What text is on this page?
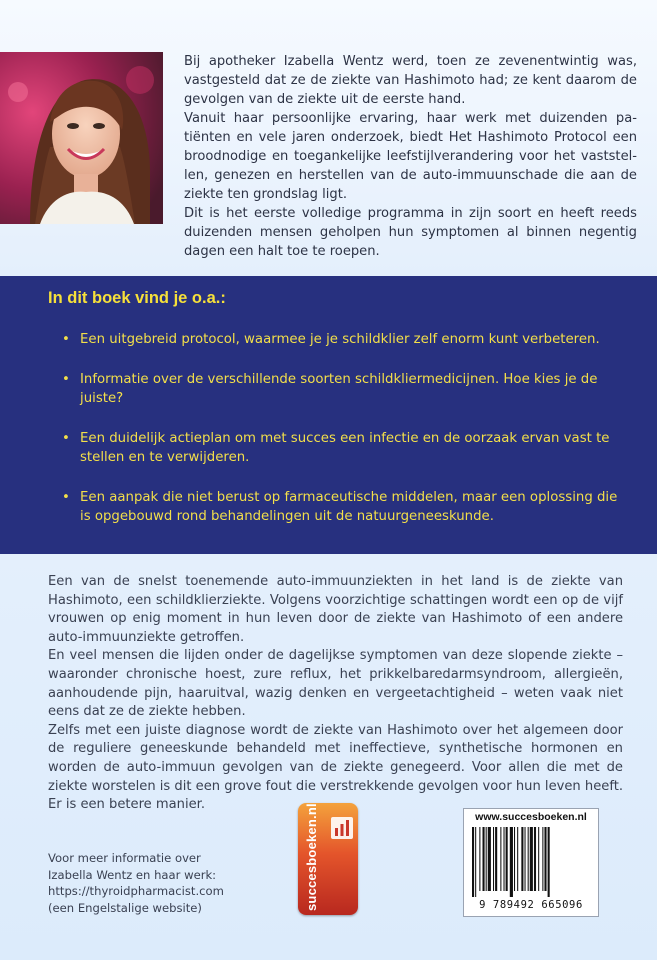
Bij apotheker Izabella Wentz werd, toen ze zevenentwintig was, vastgesteld dat ze de ziekte van Hashimoto had; ze kent daarom de gevolgen van de ziekte uit de eerste hand.

Vanuit haar persoonlijke ervaring, haar werk met duizenden patiënten en vele jaren onderzoek, biedt Het Hashimoto Protocol een broodnodige en toegankelijke leefstijlverandering voor het vaststellen, genezen en herstellen van de auto-immuunschade die aan de ziekte ten grondslag ligt.

Dit is het eerste volledige programma in zijn soort en heeft reeds duizenden mensen geholpen hun symptomen al binnen negentig dagen een halt toe te roepen.

In dit boek vind je o.a.:
• Een uitgebreid protocol, waarmee je je schildklier zelf enorm kunt verbeteren.
• Informatie over de verschillende soorten schildkliermedicijnen. Hoe kies je de juiste?
• Een duidelijk actieplan om met succes een infectie en de oorzaak ervan vast te stellen en te verwijderen.
• Een aanpak die niet berust op farmaceutische middelen, maar een oplossing die is opgebouwd rond behandelingen uit de natuurgeneeskunde.

Een van de snelst toenemende auto-immuunziekten in het land is de ziekte van Hashimoto, een schildklierziekte. Volgens voorzichtige schattingen wordt een op de vijf vrouwen op enig moment in hun leven door de ziekte van Hashimoto of een andere auto-immuunziekte getroffen.

En veel mensen die lijden onder de dagelijkse symptomen van deze slopende ziekte – waaronder chronische hoest, zure reflux, het prikkelbaredarmsyndroom, allergieën, aanhoudende pijn, haaruitval, wazig denken en vergeetachtigheid – weten vaak niet eens dat ze de ziekte hebben.

Zelfs met een juiste diagnose wordt de ziekte van Hashimoto over het algemeen door de reguliere geneeskunde behandeld met ineffectieve, synthetische hormonen en worden de auto-immuun gevolgen van de ziekte genegeerd. Voor allen die met de ziekte worstelen is dit een grove fout die verstrekkende gevolgen voor hun leven heeft. Er is een betere manier.

Voor meer informatie over
Izabella Wentz en haar werk:
https://thyroidpharmacist.com
(een Engelstalige website)	succesboeken.nl	www.succesboeken.nl
9 789492 665096
